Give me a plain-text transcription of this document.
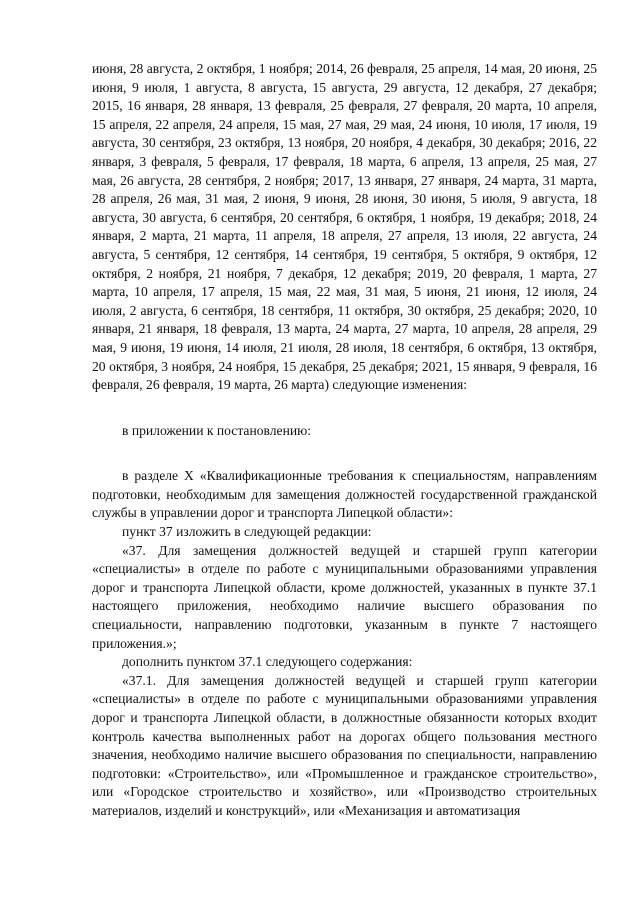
июня, 28 августа, 2 октября, 1 ноября; 2014, 26 февраля, 25 апреля, 14 мая, 20 июня, 25 июня, 9 июля, 1 августа, 8 августа, 15 августа, 29 августа, 12 декабря, 27 декабря; 2015, 16 января, 28 января, 13 февраля, 25 февраля, 27 февраля, 20 марта, 10 апреля, 15 апреля, 22 апреля, 24 апреля, 15 мая, 27 мая, 29 мая, 24 июня, 10 июля, 17 июля, 19 августа, 30 сентября, 23 октября, 13 ноября, 20 ноября, 4 декабря, 30 декабря; 2016, 22 января, 3 февраля, 5 февраля, 17 февраля, 18 марта, 6 апреля, 13 апреля, 25 мая, 27 мая, 26 августа, 28 сентября, 2 ноября; 2017, 13 января, 27 января, 24 марта, 31 марта, 28 апреля, 26 мая, 31 мая, 2 июня, 9 июня, 28 июня, 30 июня, 5 июля, 9 августа, 18 августа, 30 августа, 6 сентября, 20 сентября, 6 октября, 1 ноября, 19 декабря; 2018, 24 января, 2 марта, 21 марта, 11 апреля, 18 апреля, 27 апреля, 13 июля, 22 августа, 24 августа, 5 сентября, 12 сентября, 14 сентября, 19 сентября, 5 октября, 9 октября, 12 октября, 2 ноября, 21 ноября, 7 декабря, 12 декабря; 2019, 20 февраля, 1 марта, 27 марта, 10 апреля, 17 апреля, 15 мая, 22 мая, 31 мая, 5 июня, 21 июня, 12 июля, 24 июля, 2 августа, 6 сентября, 18 сентября, 11 октября, 30 октября, 25 декабря; 2020, 10 января, 21 января, 18 февраля, 13 марта, 24 марта, 27 марта, 10 апреля, 28 апреля, 29 мая, 9 июня, 19 июня, 14 июля, 21 июля, 28 июля, 18 сентября, 6 октября, 13 октября, 20 октября, 3 ноября, 24 ноября, 15 декабря, 25 декабря; 2021, 15 января, 9 февраля, 16 февраля, 26 февраля, 19 марта, 26 марта) следующие изменения:

в приложении к постановлению:

в разделе X «Квалификационные требования к специальностям, направлениям подготовки, необходимым для замещения должностей государственной гражданской службы в управлении дорог и транспорта Липецкой области»:

пункт 37 изложить в следующей редакции:

«37. Для замещения должностей ведущей и старшей групп категории «специалисты» в отделе по работе с муниципальными образованиями управления дорог и транспорта Липецкой области, кроме должностей, указанных в пункте 37.1 настоящего приложения, необходимо наличие высшего образования по специальности, направлению подготовки, указанным в пункте 7 настоящего приложения.»;

дополнить пунктом 37.1 следующего содержания:

«37.1. Для замещения должностей ведущей и старшей групп категории «специалисты» в отделе по работе с муниципальными образованиями управления дорог и транспорта Липецкой области, в должностные обязанности которых входит контроль качества выполненных работ на дорогах общего пользования местного значения, необходимо наличие высшего образования по специальности, направлению подготовки: «Строительство», или «Промышленное и гражданское строительство», или «Городское строительство и хозяйство», или «Производство строительных материалов, изделий и конструкций», или «Механизация и автоматизация
